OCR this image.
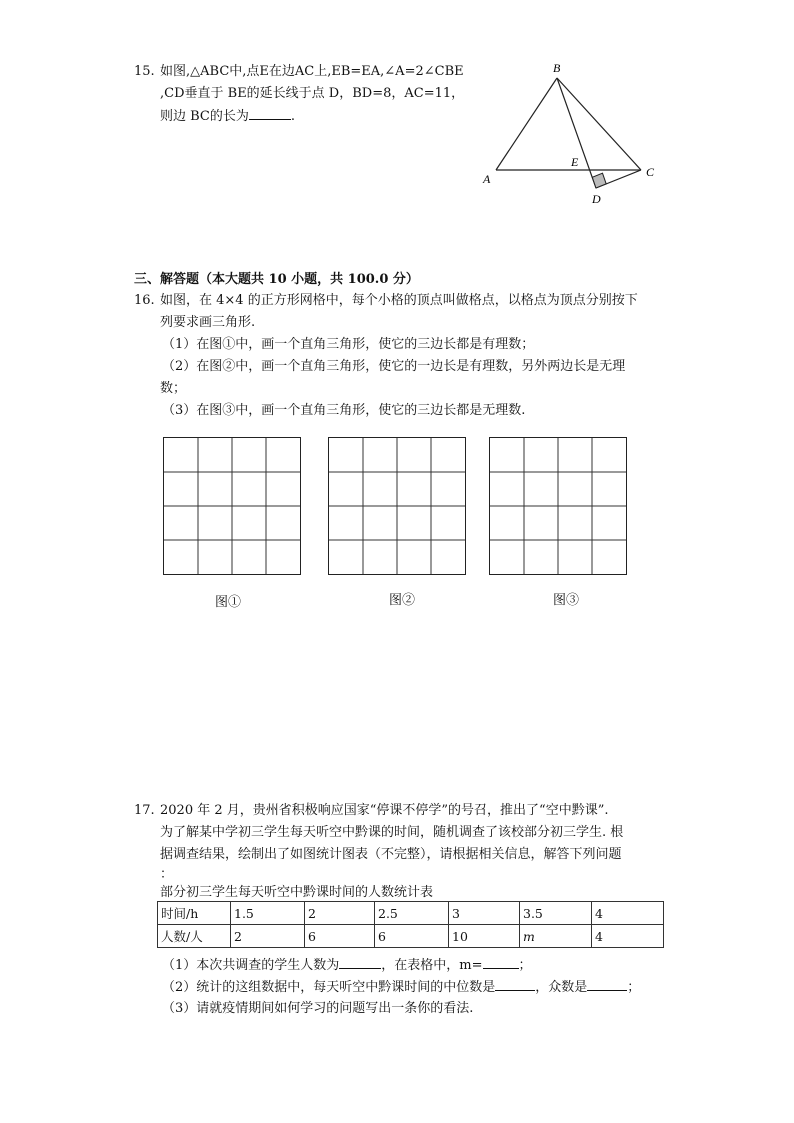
15. 如图,△ABC中,点E在边AC上,EB=EA,∠A=2∠CBE
,CD垂直于 BE的延长线于点 D，BD=8，AC=11，
则边 BC的长为	.
B
A	C
E
D
三、解答题（本大题共 10 小题，共 100.0 分）
16. 如图，在 4×4 的正方形网格中，每个小格的顶点叫做格点，以格点为顶点分别按下
列要求画三角形.
（1）在图①中，画一个直角三角形，使它的三边长都是有理数；
（2）在图②中，画一个直角三角形，使它的一边长是有理数，另外两边长是无理
数；
（3）在图③中，画一个直角三角形，使它的三边长都是无理数.
图①	图②	图③
17. 2020 年 2 月，贵州省积极响应国家“停课不停学”的号召，推出了“空中黔课”.
为了解某中学初三学生每天听空中黔课的时间，随机调查了该校部分初三学生. 根
据调查结果，绘制出了如图统计图表（不完整），请根据相关信息，解答下列问题
：
部分初三学生每天听空中黔课时间的人数统计表
时间/h	1.5	2	2.5	3	3.5	4
人数/人	2	6	6	10	m	4
（1）本次共调查的学生人数为	，在表格中，m=	；
（2）统计的这组数据中，每天听空中黔课时间的中位数是	，众数是	；
（3）请就疫情期间如何学习的问题写出一条你的看法.
